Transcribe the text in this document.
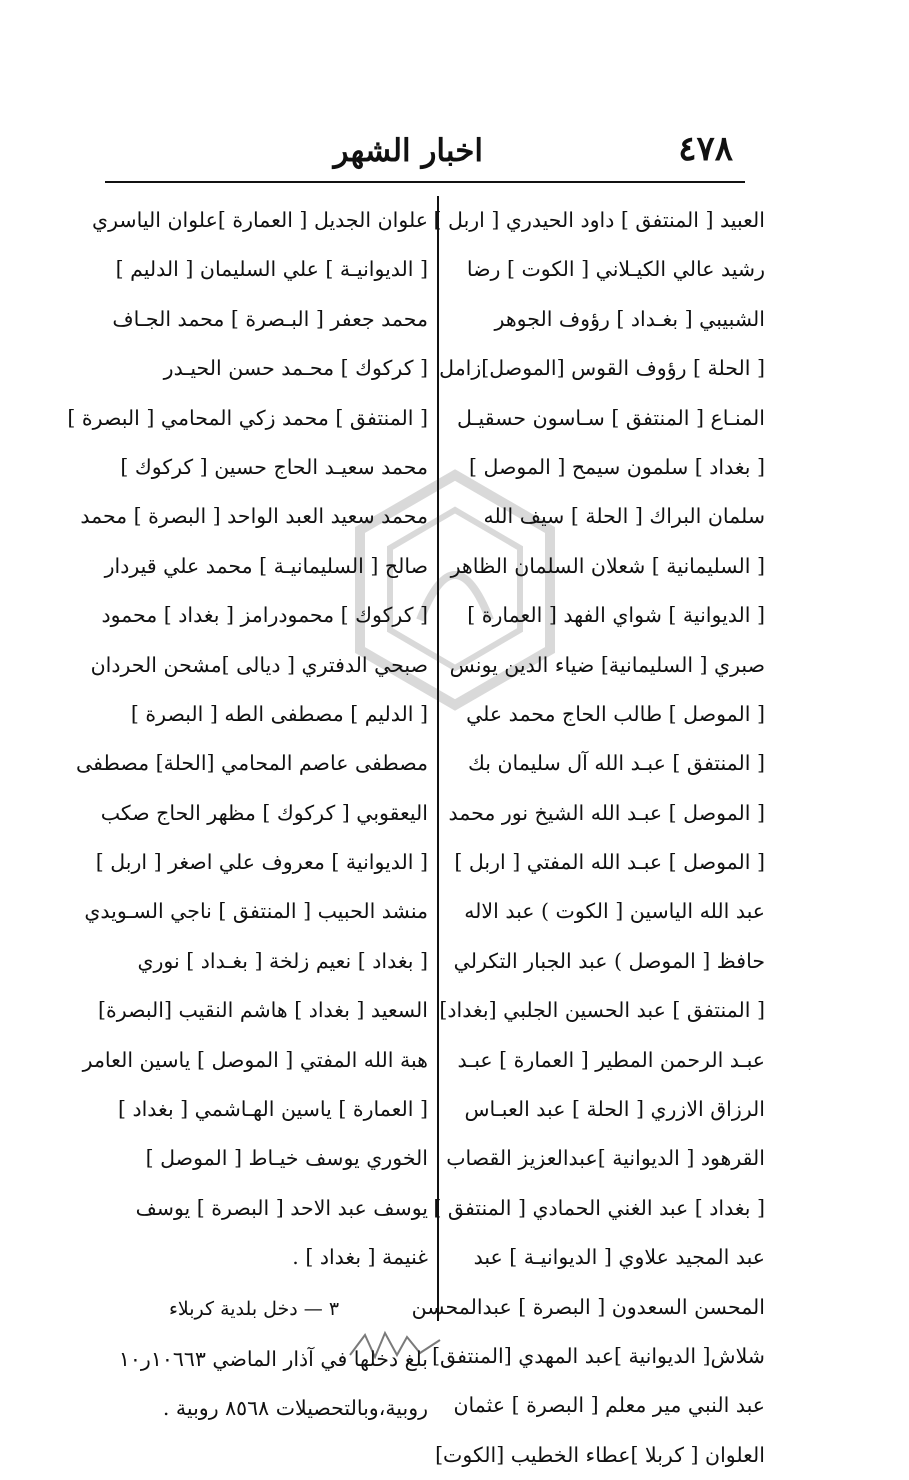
٤٧٨
اخبار الشهر
العبيد [ المنتفق ] داود الحيدري [ اربل ]
رشيد عالي الكيـلاني [ الكوت ] رضا
الشبيبي [ بغـداد ] رؤوف الجوهر
[ الحلة ] رؤوف القوس [الموصل]زامل
المنـاع [ المنتفق ] سـاسون حسقيـل
[ بغداد ] سلمون سيمح [ الموصل ]
سلمان البراك [ الحلة ] سيف الله
[ السليمانية ] شعلان السلمان الظاهر
[ الديوانية ] شواي الفهد [ العمارة ]
صبري [ السليمانية] ضياء الدين يونس
[ الموصل ] طالب الحاج محمد علي
[ المنتفق ] عبـد الله آل سليمان بك
[ الموصل ] عبـد الله الشيخ نور محمد
[ الموصل ] عبـد الله المفتي [ اربل ]
عبد الله الياسين [ الكوت ) عبد الاله
حافظ [ الموصل ) عبد الجبار التكرلي
[ المنتفق ] عبد الحسين الجلبي [بغداد]
عبـد الرحمن المطير [ العمارة ] عبـد
الرزاق الازري [ الحلة ] عبد العبـاس
القرهود [ الديوانية ]عبدالعزيز القصاب
[ بغداد ] عبد الغني الحمادي [ المنتفق ]
عبد المجيد علاوي [ الديوانيـة ] عبد
المحسن السعدون [ البصرة ] عبدالمحسن
شلاش[ الديوانية ]عبد المهدي [المنتفق]
عبد النبي مير معلم [ البصرة ] عثمان
العلوان [ كربلا ]عطاء الخطيب [الكوت]
علوان الجديل [ العمارة ]علوان الياسري
[ الديوانيـة ] علي السليمان [ الدليم ]
محمد جعفر [ البـصرة ] محمد الجـاف
[ كركوك ] محـمد حسن الحيـدر
[ المنتفق ] محمد زكي المحامي [ البصرة ]
محمد سعيـد الحاج حسين [ كركوك ]
محمد سعيد العبد الواحد [ البصرة ] محمد
صالح [ السليمانيـة ] محمد علي قيردار
[ كركوك ] محمودرامز [ بغداد ] محمود
صبحي الدفتري [ ديالى ]مشحن الحردان
[ الدليم ] مصطفى الطه [ البصرة ]
مصطفى عاصم المحامي [الحلة] مصطفى
اليعقوبي [ كركوك ] مظهر الحاج صكب
[ الديوانية ] معروف علي اصغر [ اربل ]
منشد الحبيب [ المنتفق ] ناجي السـويدي
[ بغداد ] نعيم زلخة [ بغـداد ] نوري
السعيد [ بغداد ] هاشم النقيب [البصرة]
هبة الله المفتي [ الموصل ] ياسين العامر
[ العمارة ] ياسين الهـاشمي [ بغداد ]
الخوري يوسف خيـاط [ الموصل ]
يوسف عبد الاحد [ البصرة ] يوسف
غنيمة [ بغداد ] .
٣ — دخل بلدية كربلاء
بلغ دخلها في آذار الماضي ١٠٦٦٣ر١٠
روبية،وبالتحصيلات ٨٥٦٨ روبية .
